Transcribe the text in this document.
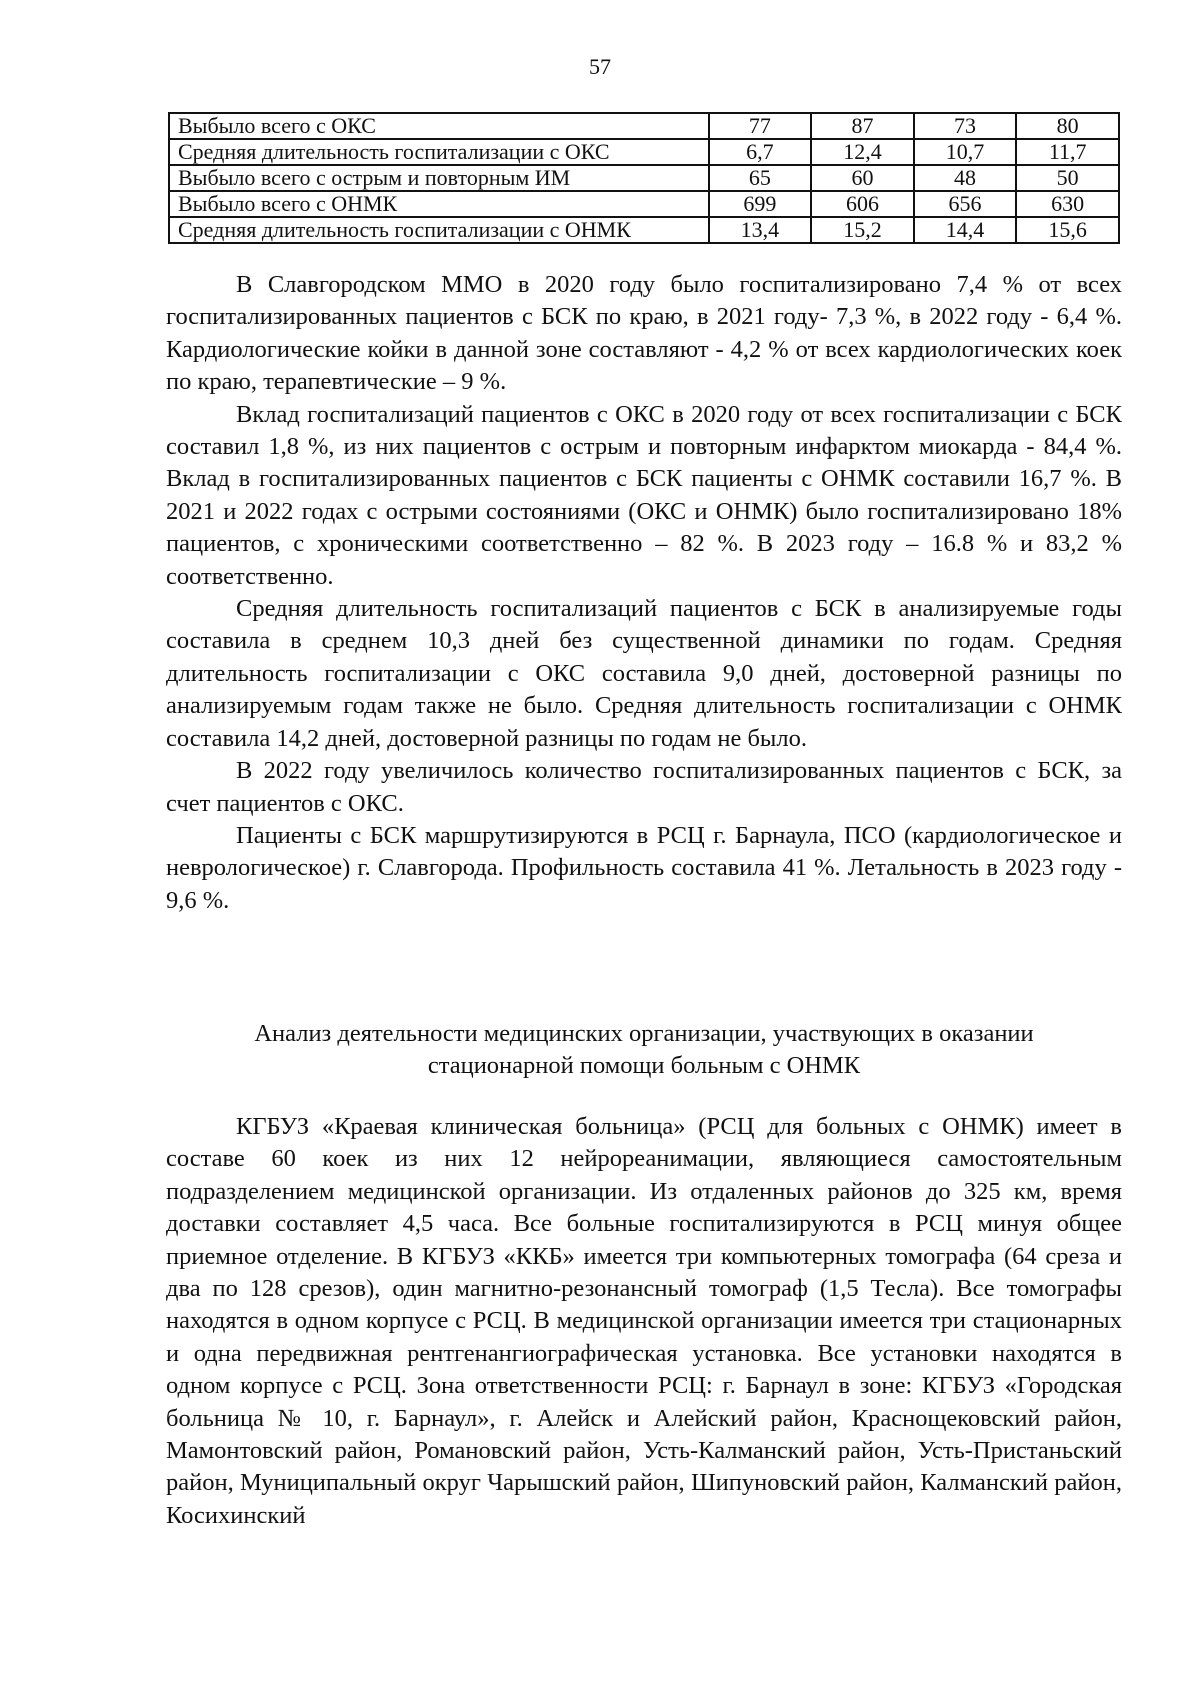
57
Выбыло всего с ОКС	77	87	73	80
Средняя длительность госпитализации с ОКС	6,7	12,4	10,7	11,7
Выбыло всего с острым и повторным ИМ	65	60	48	50
Выбыло всего с ОНМК	699	606	656	630
Средняя длительность госпитализации с ОНМК	13,4	15,2	14,4	15,6

В Славгородском ММО в 2020 году было госпитализировано 7,4 % от всех госпитализированных пациентов с БСК по краю, в 2021 году- 7,3 %, в 2022 году - 6,4 %. Кардиологические койки в данной зоне составляют - 4,2 % от всех кардиологических коек по краю, терапевтические – 9 %.

Вклад госпитализаций пациентов с ОКС в 2020 году от всех госпитализации с БСК составил 1,8 %, из них пациентов с острым и повторным инфарктом миокарда - 84,4 %. Вклад в госпитализированных пациентов с БСК пациенты с ОНМК составили 16,7 %. В 2021 и 2022 годах с острыми состояниями (ОКС и ОНМК) было госпитализировано 18% пациентов, с хроническими соответственно – 82 %. В 2023 году – 16.8 % и 83,2 % соответственно.

Средняя длительность госпитализаций пациентов с БСК в анализируемые годы составила в среднем 10,3 дней без существенной динамики по годам. Средняя длительность госпитализации с ОКС составила 9,0 дней, достоверной разницы по анализируемым годам также не было. Средняя длительность госпитализации с ОНМК составила 14,2 дней, достоверной разницы по годам не было.

В 2022 году увеличилось количество госпитализированных пациентов с БСК, за счет пациентов с ОКС.

Пациенты с БСК маршрутизируются в РСЦ г. Барнаула, ПСО (кардиологическое и неврологическое) г. Славгорода. Профильность составила 41 %. Летальность в 2023 году - 9,6 %.

Анализ деятельности медицинских организации, участвующих в оказании
стационарной помощи больным с ОНМК

КГБУЗ «Краевая клиническая больница» (РСЦ для больных с ОНМК) имеет в составе 60 коек из них 12 нейрореанимации, являющиеся самостоятельным подразделением медицинской организации. Из отдаленных районов до 325 км, время доставки составляет 4,5 часа. Все больные госпитализируются в РСЦ минуя общее приемное отделение. В КГБУЗ «ККБ» имеется три компьютерных томографа (64 среза и два по 128 срезов), один магнитно-резонансный томограф (1,5 Тесла). Все томографы находятся в одном корпусе с РСЦ. В медицинской организации имеется три стационарных и одна передвижная рентгенангиографическая установка. Все установки находятся в одном корпусе с РСЦ. Зона ответственности РСЦ: г. Барнаул в зоне: КГБУЗ «Городская больница № 10, г. Барнаул», г. Алейск и Алейский район, Краснощековский район, Мамонтовский район, Романовский район, Усть-Калманский район, Усть-Пристаньский район, Муниципальный округ Чарышский район, Шипуновский район, Калманский район, Косихинский
